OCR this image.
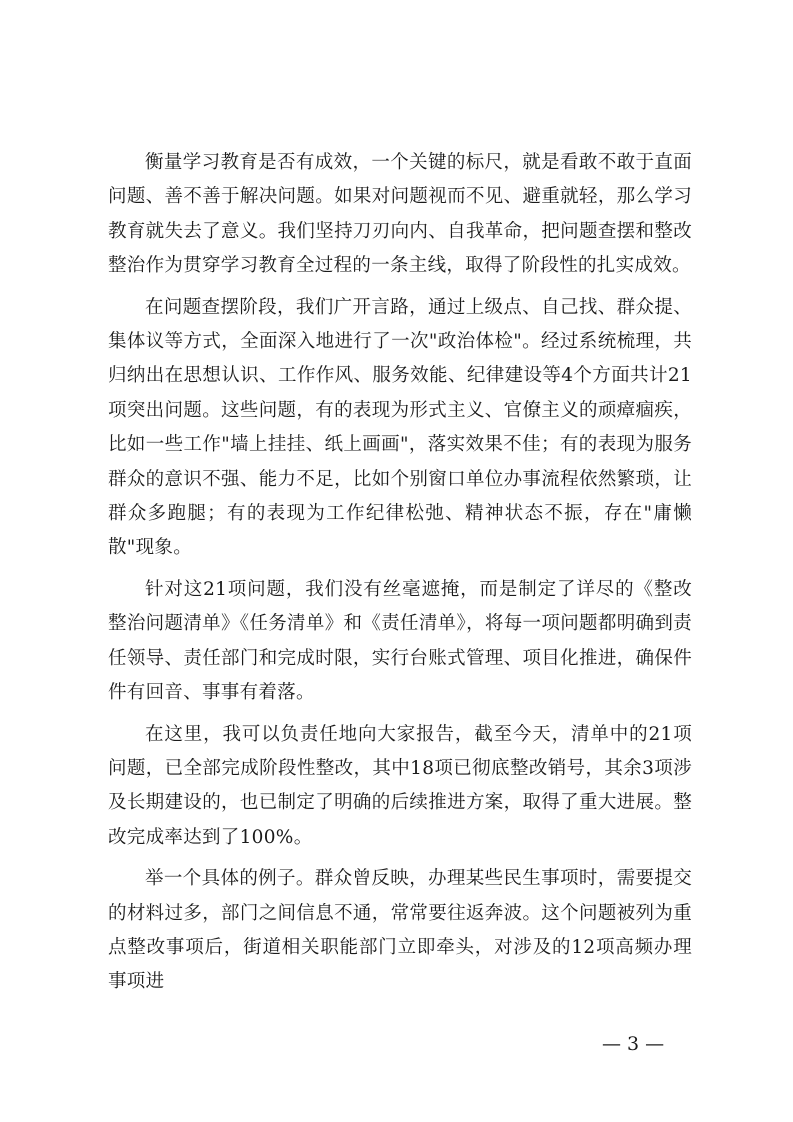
衡量学习教育是否有成效，一个关键的标尺，就是看敢不敢于直面问题、善不善于解决问题。如果对问题视而不见、避重就轻，那么学习教育就失去了意义。我们坚持刀刃向内、自我革命，把问题查摆和整改整治作为贯穿学习教育全过程的一条主线，取得了阶段性的扎实成效。

在问题查摆阶段，我们广开言路，通过上级点、自己找、群众提、集体议等方式，全面深入地进行了一次"政治体检"。经过系统梳理，共归纳出在思想认识、工作作风、服务效能、纪律建设等4个方面共计21项突出问题。这些问题，有的表现为形式主义、官僚主义的顽瘴痼疾，比如一些工作"墙上挂挂、纸上画画"，落实效果不佳；有的表现为服务群众的意识不强、能力不足，比如个别窗口单位办事流程依然繁琐，让群众多跑腿；有的表现为工作纪律松弛、精神状态不振，存在"庸懒散"现象。

针对这21项问题，我们没有丝毫遮掩，而是制定了详尽的《整改整治问题清单》《任务清单》和《责任清单》，将每一项问题都明确到责任领导、责任部门和完成时限，实行台账式管理、项目化推进，确保件件有回音、事事有着落。

在这里，我可以负责任地向大家报告，截至今天，清单中的21项问题，已全部完成阶段性整改，其中18项已彻底整改销号，其余3项涉及长期建设的，也已制定了明确的后续推进方案，取得了重大进展。整改完成率达到了100%。

举一个具体的例子。群众曾反映，办理某些民生事项时，需要提交的材料过多，部门之间信息不通，常常要往返奔波。这个问题被列为重点整改事项后，街道相关职能部门立即牵头，对涉及的12项高频办理事项进

— 3 —
